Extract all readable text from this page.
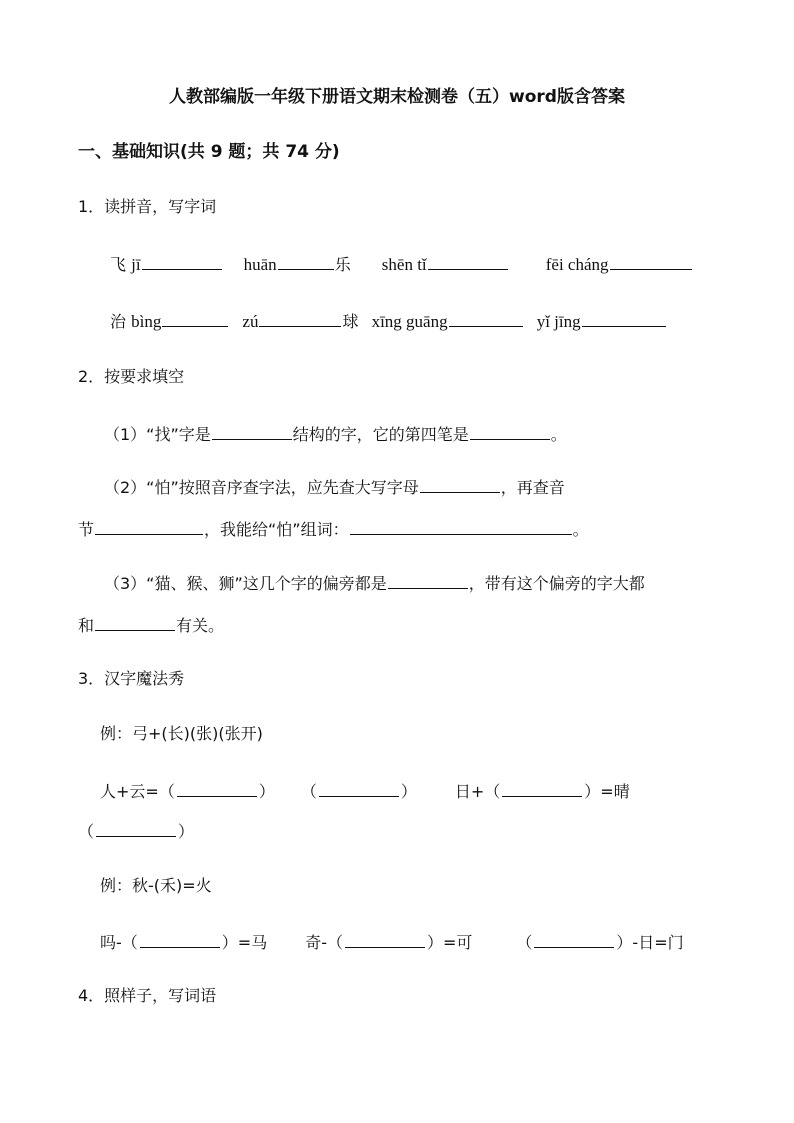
人教部编版一年级下册语文期末检测卷（五）word版含答案
一、基础知识(共 9 题；共 74 分)
1．读拼音，写字词
飞 jī	huān	乐 shēn tǐ	fēi cháng
治 bìng	zú	球 xīng guāng	yǐ jīng
2．按要求填空
（1）“找”字是	结构的字，它的第四笔是	。
（2）“怕”按照音序查字法，应先查大写字母	，再查音
节	，我能给“怕”组词：	。
（3）“猫、猴、狮”这几个字的偏旁都是	，带有这个偏旁的字大都
和	有关。
3．汉字魔法秀
例：弓+(长)(张)(张开)
人+云=（	） （	） 日+（	）=晴
（	）
例：秋-(禾)=火
吗-（	）=马 奇-（	）=可	（	）-日=门
4．照样子，写词语
